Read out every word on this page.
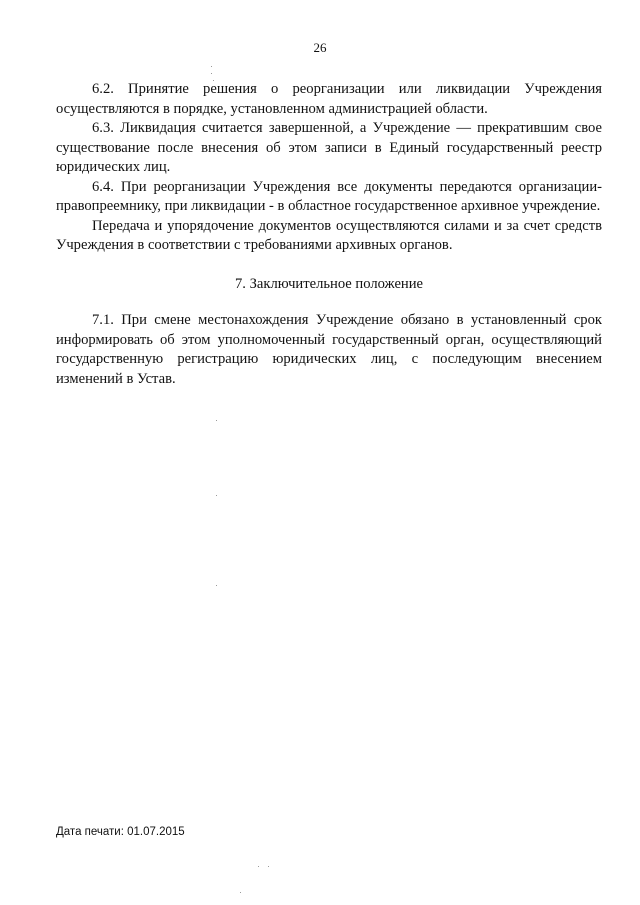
26

6.2. Принятие решения о реорганизации или ликвидации Учреждения осуществляются в порядке, установленном администрацией области.

6.3. Ликвидация считается завершенной, а Учреждение — прекратившим свое существование после внесения об этом записи в Единый государственный реестр юридических лиц.

6.4. При реорганизации Учреждения все документы передаются организации-правопреемнику, при ликвидации - в областное государственное архивное учреждение.

Передача и упорядочение документов осуществляются силами и за счет средств Учреждения в соответствии с требованиями архивных органов.

7. Заключительное положение

7.1. При смене местонахождения Учреждение обязано в установленный срок информировать об этом уполномоченный государственный орган, осуществляющий государственную регистрацию юридических лиц, с последующим внесением изменений в Устав.

Дата печати: 01.07.2015
